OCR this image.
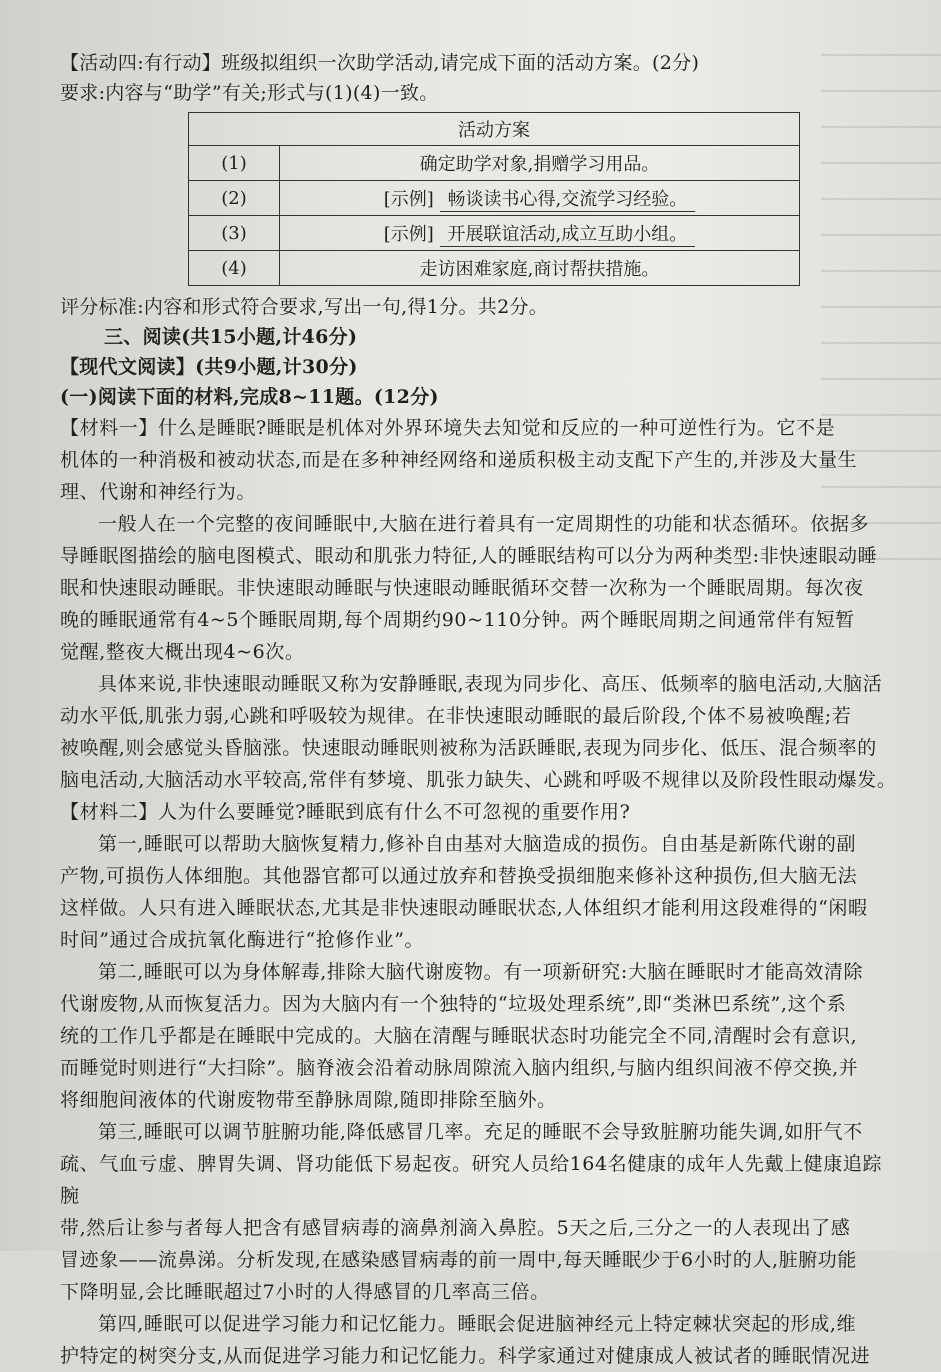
【活动四:有行动】班级拟组织一次助学活动,请完成下面的活动方案。(2分)
要求:内容与“助学”有关;形式与(1)(4)一致。
活动方案	
(1)	确定助学对象,捐赠学习用品。
(2)	[示例] 畅谈读书心得,交流学习经验。
(3)	[示例] 开展联谊活动,成立互助小组。
(4)	走访困难家庭,商讨帮扶措施。
评分标准:内容和形式符合要求,写出一句,得1分。共2分。
三、阅读(共15小题,计46分)
【现代文阅读】(共9小题,计30分)
(一)阅读下面的材料,完成8~11题。(12分)
【材料一】什么是睡眠?睡眠是机体对外界环境失去知觉和反应的一种可逆性行为。它不是
机体的一种消极和被动状态,而是在多种神经网络和递质积极主动支配下产生的,并涉及大量生
理、代谢和神经行为。
一般人在一个完整的夜间睡眠中,大脑在进行着具有一定周期性的功能和状态循环。依据多
导睡眠图描绘的脑电图模式、眼动和肌张力特征,人的睡眠结构可以分为两种类型:非快速眼动睡
眠和快速眼动睡眠。非快速眼动睡眠与快速眼动睡眠循环交替一次称为一个睡眠周期。每次夜
晚的睡眠通常有4~5个睡眠周期,每个周期约90~110分钟。两个睡眠周期之间通常伴有短暂
觉醒,整夜大概出现4~6次。
具体来说,非快速眼动睡眠又称为安静睡眠,表现为同步化、高压、低频率的脑电活动,大脑活
动水平低,肌张力弱,心跳和呼吸较为规律。在非快速眼动睡眠的最后阶段,个体不易被唤醒;若
被唤醒,则会感觉头昏脑涨。快速眼动睡眠则被称为活跃睡眠,表现为同步化、低压、混合频率的
脑电活动,大脑活动水平较高,常伴有梦境、肌张力缺失、心跳和呼吸不规律以及阶段性眼动爆发。
【材料二】人为什么要睡觉?睡眠到底有什么不可忽视的重要作用?
第一,睡眠可以帮助大脑恢复精力,修补自由基对大脑造成的损伤。自由基是新陈代谢的副
产物,可损伤人体细胞。其他器官都可以通过放弃和替换受损细胞来修补这种损伤,但大脑无法
这样做。人只有进入睡眠状态,尤其是非快速眼动睡眠状态,人体组织才能利用这段难得的“闲暇
时间”通过合成抗氧化酶进行“抢修作业”。
第二,睡眠可以为身体解毒,排除大脑代谢废物。有一项新研究:大脑在睡眠时才能高效清除
代谢废物,从而恢复活力。因为大脑内有一个独特的“垃圾处理系统”,即“类淋巴系统”,这个系
统的工作几乎都是在睡眠中完成的。大脑在清醒与睡眠状态时功能完全不同,清醒时会有意识,
而睡觉时则进行“大扫除”。脑脊液会沿着动脉周隙流入脑内组织,与脑内组织间液不停交换,并
将细胞间液体的代谢废物带至静脉周隙,随即排除至脑外。
第三,睡眠可以调节脏腑功能,降低感冒几率。充足的睡眠不会导致脏腑功能失调,如肝气不
疏、气血亏虚、脾胃失调、肾功能低下易起夜。研究人员给164名健康的成年人先戴上健康追踪腕
带,然后让参与者每人把含有感冒病毒的滴鼻剂滴入鼻腔。5天之后,三分之一的人表现出了感
冒迹象——流鼻涕。分析发现,在感染感冒病毒的前一周中,每天睡眠少于6小时的人,脏腑功能
下降明显,会比睡眠超过7小时的人得感冒的几率高三倍。
第四,睡眠可以促进学习能力和记忆能力。睡眠会促进脑神经元上特定棘状突起的形成,维
护特定的树突分支,从而促进学习能力和记忆能力。科学家通过对健康成人被试者的睡眠情况进
